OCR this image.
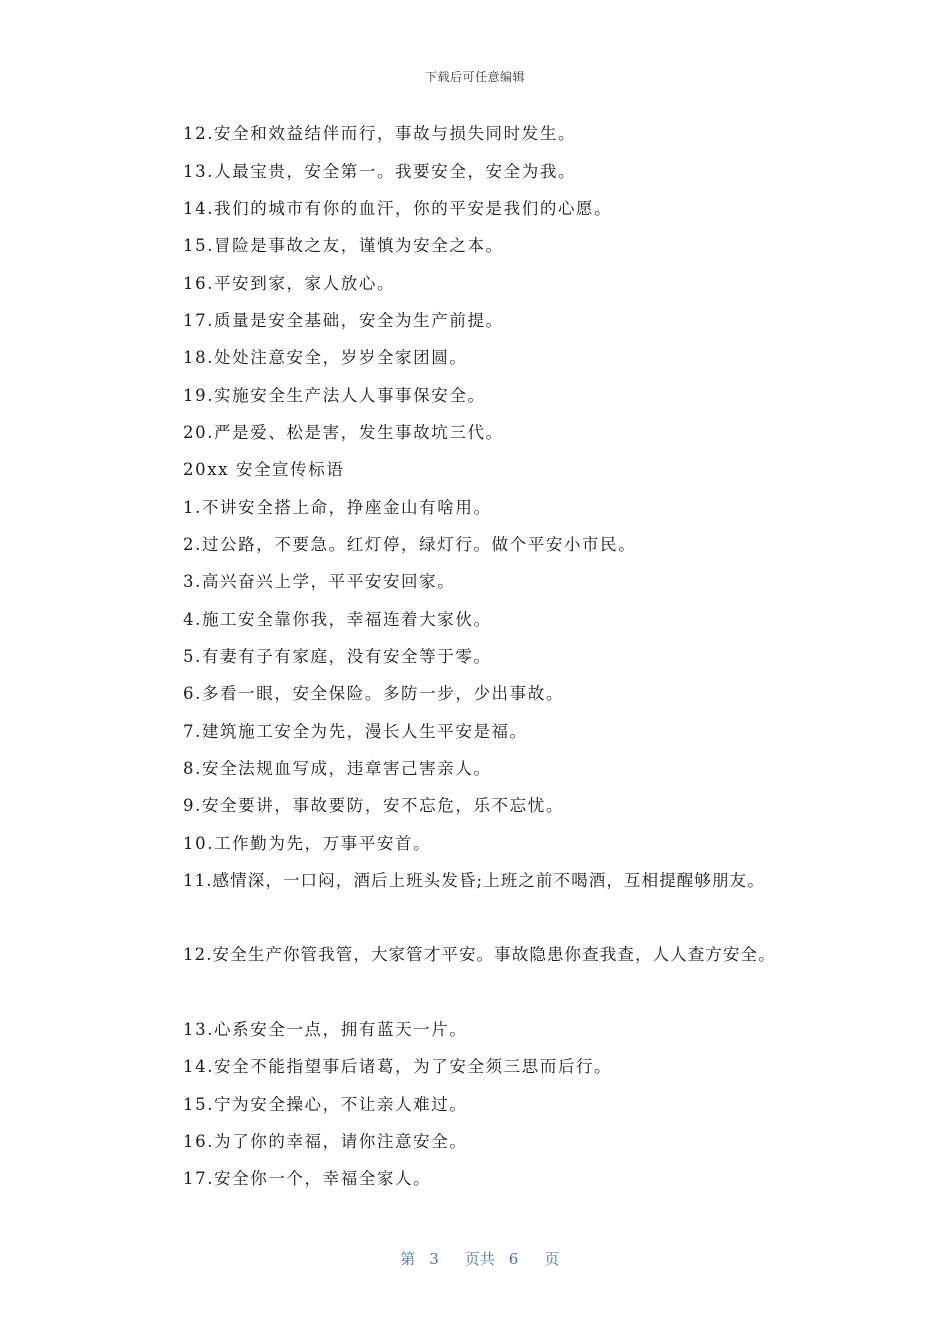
下载后可任意编辑
12.安全和效益结伴而行，事故与损失同时发生。
13.人最宝贵，安全第一。我要安全，安全为我。
14.我们的城市有你的血汗，你的平安是我们的心愿。
15.冒险是事故之友，谨慎为安全之本。
16.平安到家，家人放心。
17.质量是安全基础，安全为生产前提。
18.处处注意安全，岁岁全家团圆。
19.实施安全生产法人人事事保安全。
20.严是爱、松是害，发生事故坑三代。
20xx 安全宣传标语
1.不讲安全搭上命，挣座金山有啥用。
2.过公路，不要急。红灯停，绿灯行。做个平安小市民。
3.高兴奋兴上学，平平安安回家。
4.施工安全靠你我，幸福连着大家伙。
5.有妻有子有家庭，没有安全等于零。
6.多看一眼，安全保险。多防一步，少出事故。
7.建筑施工安全为先，漫长人生平安是福。
8.安全法规血写成，违章害己害亲人。
9.安全要讲，事故要防，安不忘危，乐不忘忧。
10.工作勤为先，万事平安首。
11.感情深，一口闷，酒后上班头发昏;上班之前不喝酒，互相提醒够朋友。
12.安全生产你管我管，大家管才平安。事故隐患你查我查，人人查方安全。
13.心系安全一点，拥有蓝天一片。
14.安全不能指望事后诸葛，为了安全须三思而后行。
15.宁为安全操心，不让亲人难过。
16.为了你的幸福，请你注意安全。
17.安全你一个，幸福全家人。

第 3 页共 6 页
